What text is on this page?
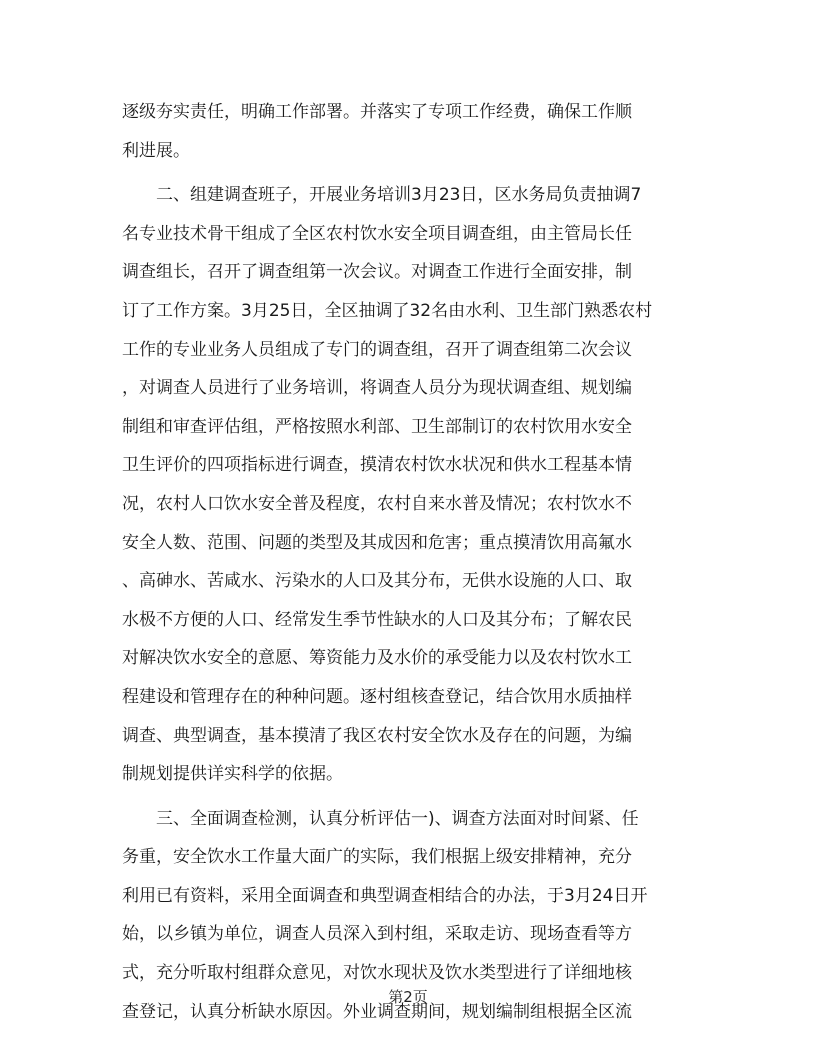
逐级夯实责任，明确工作部署。并落实了专项工作经费，确保工作顺
利进展。
　　二、组建调查班子，开展业务培训3月23日，区水务局负责抽调7
名专业技术骨干组成了全区农村饮水安全项目调查组，由主管局长任
调查组长，召开了调查组第一次会议。对调查工作进行全面安排，制
订了工作方案。3月25日，全区抽调了32名由水利、卫生部门熟悉农村
工作的专业业务人员组成了专门的调查组，召开了调查组第二次会议
，对调查人员进行了业务培训，将调查人员分为现状调查组、规划编
制组和审查评估组，严格按照水利部、卫生部制订的农村饮用水安全
卫生评价的四项指标进行调查，摸清农村饮水状况和供水工程基本情
况，农村人口饮水安全普及程度，农村自来水普及情况；农村饮水不
安全人数、范围、问题的类型及其成因和危害；重点摸清饮用高氟水
、高砷水、苦咸水、污染水的人口及其分布，无供水设施的人口、取
水极不方便的人口、经常发生季节性缺水的人口及其分布；了解农民
对解决饮水安全的意愿、筹资能力及水价的承受能力以及农村饮水工
程建设和管理存在的种种问题。逐村组核查登记，结合饮用水质抽样
调查、典型调查，基本摸清了我区农村安全饮水及存在的问题，为编
制规划提供详实科学的依据。
　　三、全面调查检测，认真分析评估一)、调查方法面对时间紧、任
务重，安全饮水工作量大面广的实际，我们根据上级安排精神，充分
利用已有资料，采用全面调查和典型调查相结合的办法，于3月24日开
始，以乡镇为单位，调查人员深入到村组，采取走访、现场查看等方
式，充分听取村组群众意见，对饮水现状及饮水类型进行了详细地核
查登记，认真分析缺水原因。外业调查期间，规划编制组根据全区流
第2页
